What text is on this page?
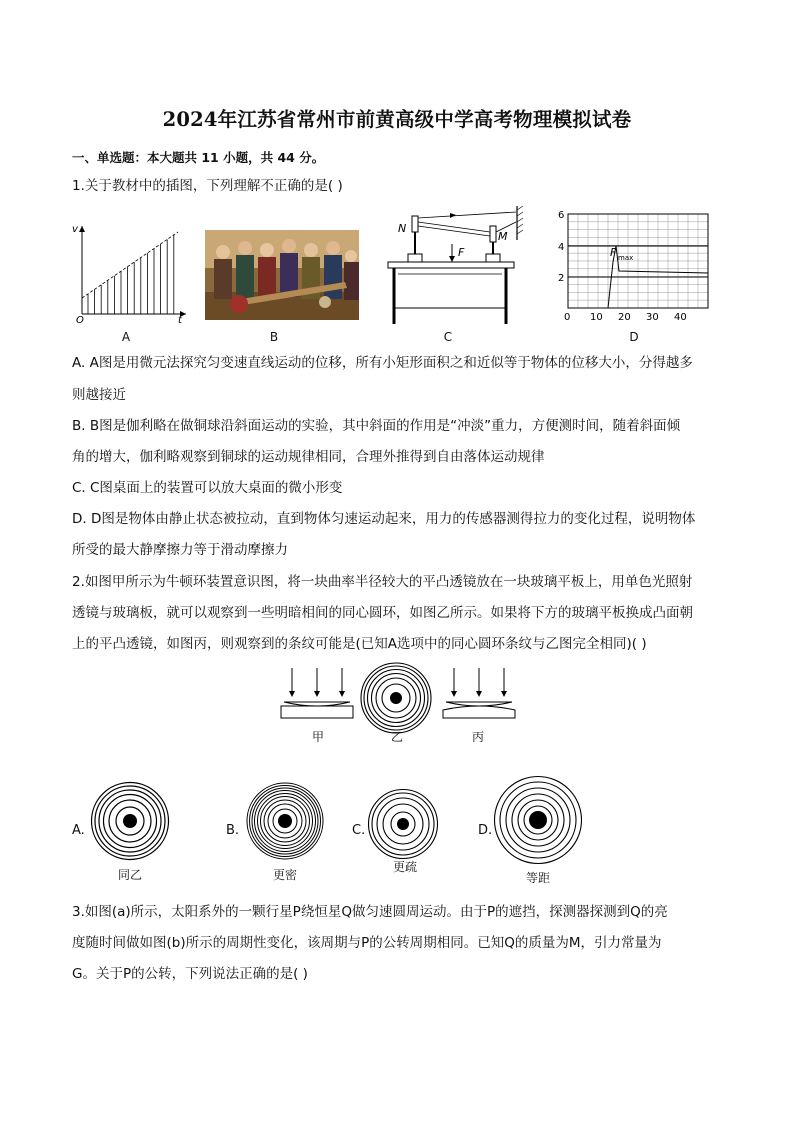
2024年江苏省常州市前黄高级中学高考物理模拟试卷
一、单选题：本大题共 11 小题，共 44 分。
1.关于教材中的插图，下列理解不正确的是( )
v
O	t
N
M
F
6
4
2
0 10 20 30 40
F max
A	B	C	D
A. A图是用微元法探究匀变速直线运动的位移，所有小矩形面积之和近似等于物体的位移大小，分得越多
则越接近
B. B图是伽利略在做铜球沿斜面运动的实验，其中斜面的作用是“冲淡”重力，方便测时间，随着斜面倾
角的增大，伽利略观察到铜球的运动规律相同，合理外推得到自由落体运动规律
C. C图桌面上的装置可以放大桌面的微小形变
D. D图是物体由静止状态被拉动，直到物体匀速运动起来，用力的传感器测得拉力的变化过程，说明物体
所受的最大静摩擦力等于滑动摩擦力
2.如图甲所示为牛顿环装置意识图，将一块曲率半径较大的平凸透镜放在一块玻璃平板上，用单色光照射
透镜与玻璃板，就可以观察到一些明暗相间的同心圆环，如图乙所示。如果将下方的玻璃平板换成凸面朝
上的平凸透镜，如图丙，则观察到的条纹可能是(已知A选项中的同心圆环条纹与乙图完全相同)( )
甲	乙	丙
A.
同乙
B.
更密
C.
更疏
D.
等距
3.如图(a)所示，太阳系外的一颗行星P绕恒星Q做匀速圆周运动。由于P的遮挡，探测器探测到Q的亮
度随时间做如图(b)所示的周期性变化，该周期与P的公转周期相同。已知Q的质量为M，引力常量为
G。关于P的公转，下列说法正确的是( )
